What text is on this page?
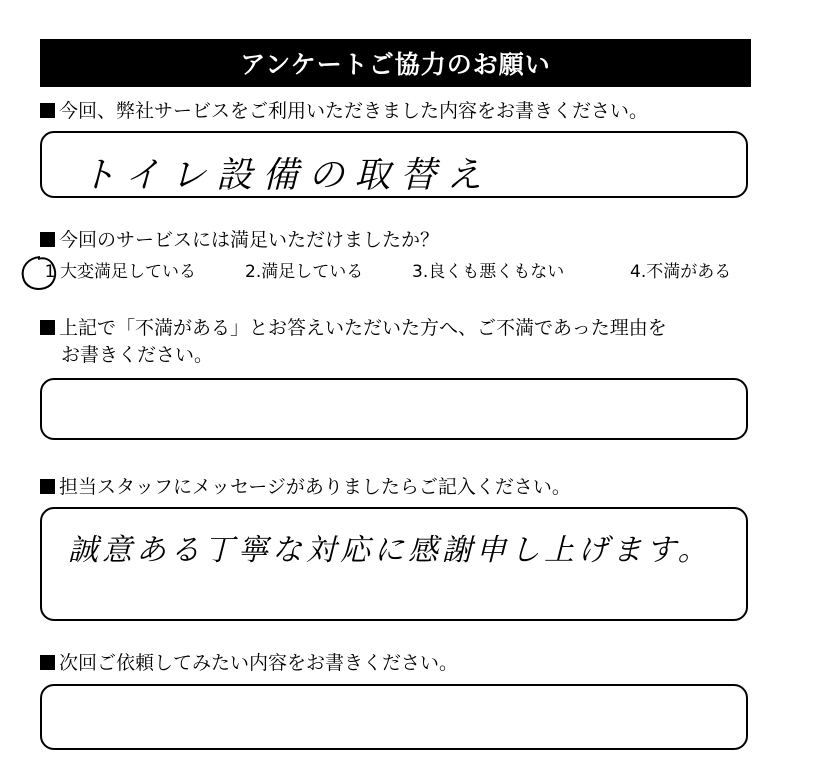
アンケートご協力のお願い
今回、弊社サービスをご利用いただきました内容をお書きください。
トイレ設備の取替え
今回のサービスには満足いただけましたか？
1 大変満足している	2.満足している	3.良くも悪くもない	4.不満がある
上記で「不満がある」とお答えいただいた方へ、ご不満であった理由を
お書きください。
担当スタッフにメッセージがありましたらご記入ください。
誠意ある丁寧な対応に感謝申し上げます。
次回ご依頼してみたい内容をお書きください。
